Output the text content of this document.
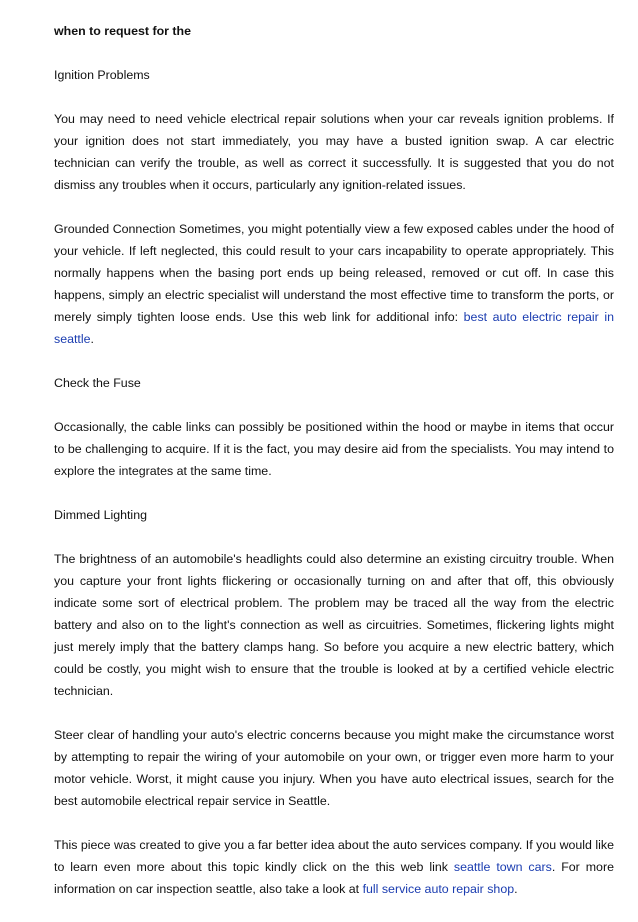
when to request for the

Ignition Problems

You may need to need vehicle electrical repair solutions when your car reveals ignition problems. If your ignition does not start immediately, you may have a busted ignition swap. A car electric technician can verify the trouble, as well as correct it successfully. It is suggested that you do not dismiss any troubles when it occurs, particularly any ignition-related issues.

Grounded Connection Sometimes, you might potentially view a few exposed cables under the hood of your vehicle. If left neglected, this could result to your cars incapability to operate appropriately. This normally happens when the basing port ends up being released, removed or cut off. In case this happens, simply an electric specialist will understand the most effective time to transform the ports, or merely simply tighten loose ends. Use this web link for additional info: best auto electric repair in seattle.

Check the Fuse

Occasionally, the cable links can possibly be positioned within the hood or maybe in items that occur to be challenging to acquire. If it is the fact, you may desire aid from the specialists. You may intend to explore the integrates at the same time.

Dimmed Lighting

The brightness of an automobile's headlights could also determine an existing circuitry trouble. When you capture your front lights flickering or occasionally turning on and after that off, this obviously indicate some sort of electrical problem. The problem may be traced all the way from the electric battery and also on to the light's connection as well as circuitries. Sometimes, flickering lights might just merely imply that the battery clamps hang. So before you acquire a new electric battery, which could be costly, you might wish to ensure that the trouble is looked at by a certified vehicle electric technician.

Steer clear of handling your auto's electric concerns because you might make the circumstance worst by attempting to repair the wiring of your automobile on your own, or trigger even more harm to your motor vehicle. Worst, it might cause you injury. When you have auto electrical issues, search for the best automobile electrical repair service in Seattle.

This piece was created to give you a far better idea about the auto services company. If you would like to learn even more about this topic kindly click on the this web link seattle town cars. For more information on car inspection seattle, also take a look at full service auto repair shop.
